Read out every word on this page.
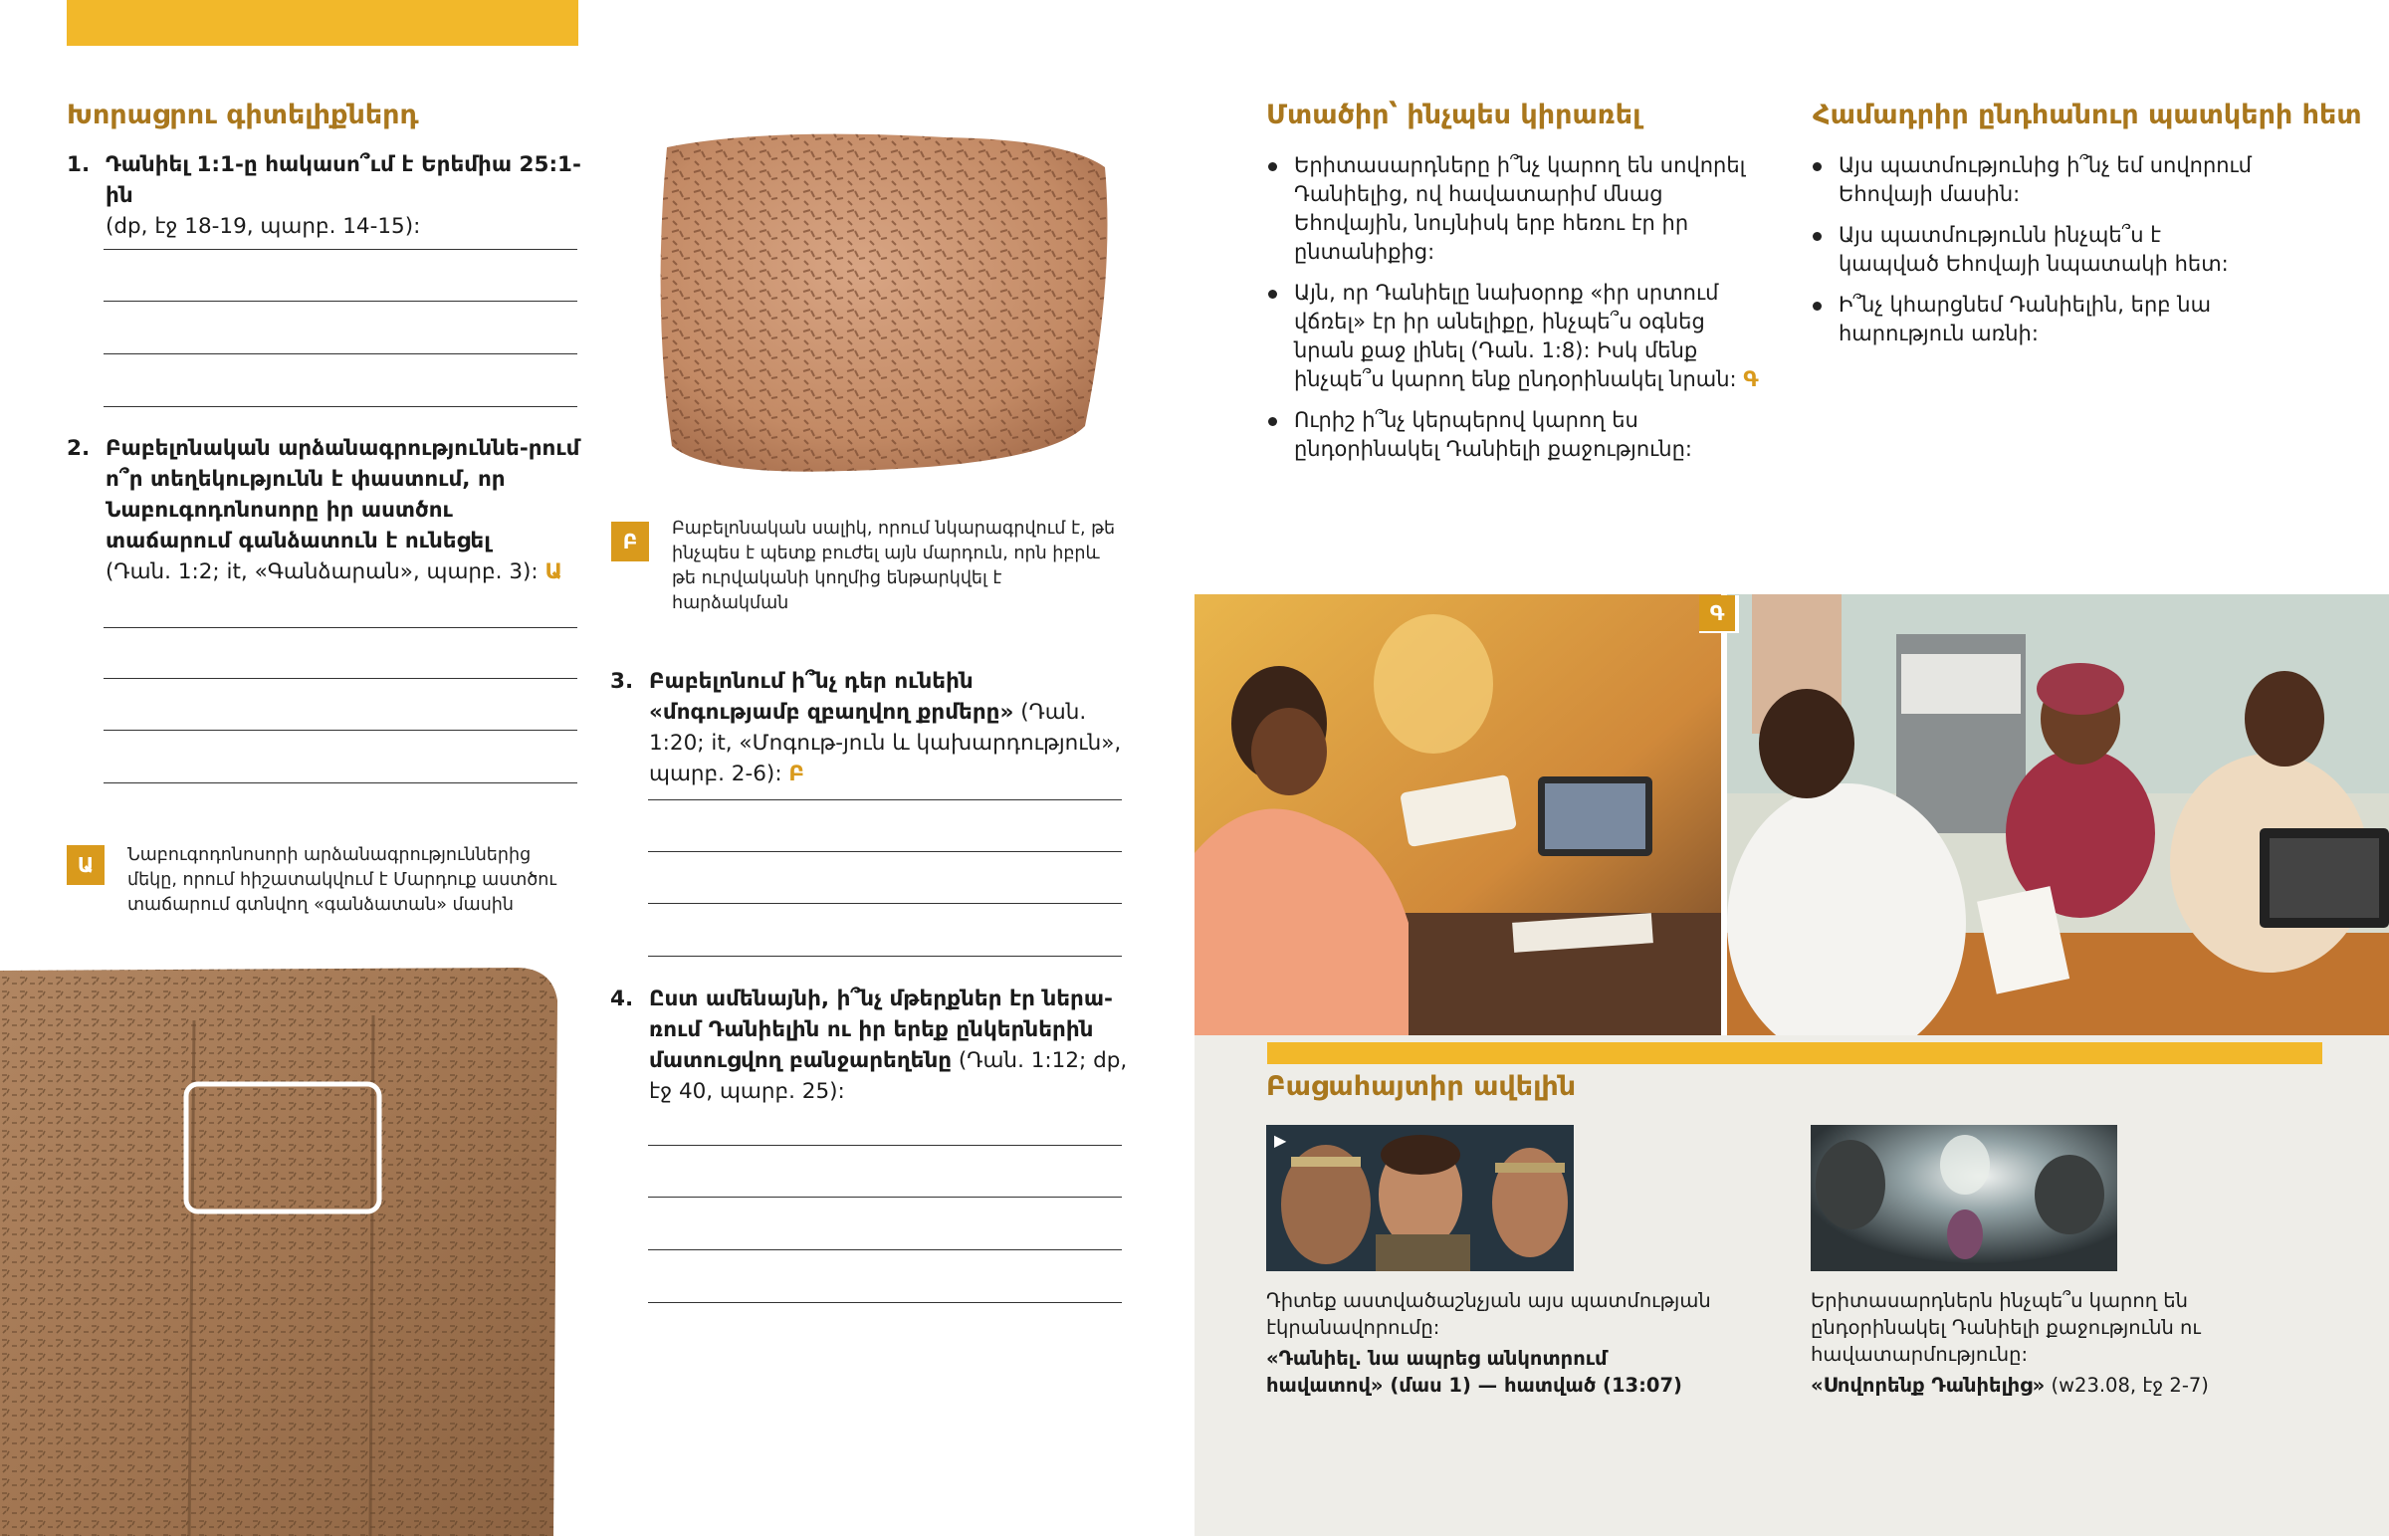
Խորացրու գիտելիքներդ
1. Դանիել 1:1-ը հակասո՞ւմ է Երեմիա 25:1-ին
(dp, էջ 18-19, պարբ. 14-15):
2. Բաբելոնական արձանագրություննե-րում ո՞ր տեղեկությունն է փաստում, որ Նաբուգոդոնոսորը իր աստծու տաճարում գանձատուն է ունեցել
(Դան. 1:2; it, «Գանձարան», պարբ. 3): Ա
Ա	Նաբուգոդոնոսորի արձանագրություններից մեկը, որում հիշատակվում է Մարդուք աստծու տաճարում գտնվող «գանձատան» մասին
Բ
Բաբելոնական սալիկ, որում նկարագրվում է, թե ինչպես է պետք բուժել այն մարդուն, որն իբրև թե ուրվականի կողմից ենթարկվել է հարձակման
3. Բաբելոնում ի՞նչ դեր ունեին «մոգությամբ զբաղվող քրմերը» (Դան. 1:20; it, «Մոգութ-յուն և կախարդություն», պարբ. 2-6): Բ
4. Ըստ ամենայնի, ի՞նչ մթերքներ էր ներա-ռում Դանիելին ու իր երեք ընկերներին մատուցվող բանջարեղենը (Դան. 1:12; dp, էջ 40, պարբ. 25):
Մտածիր՝ ինչպես կիրառել
Երիտասարդները ի՞նչ կարող են սովորել Դանիելից, ով հավատարիմ մնաց Եհովային, նույնիսկ երբ հեռու էր իր ընտանիքից:
Այն, որ Դանիելը նախօրոք «իր սրտում վճռել» էր իր անելիքը, ինչպե՞ս օգնեց նրան քաջ լինել (Դան. 1:8): Իսկ մենք ինչպե՞ս կարող ենք ընդօրինակել նրան: Գ
Ուրիշ ի՞նչ կերպերով կարող ես ընդօրինակել Դանիելի քաջությունը:
Համադրիր ընդհանուր պատկերի հետ
Այս պատմությունից ի՞նչ եմ սովորում Եհովայի մասին:
Այս պատմությունն ինչպե՞ս է կապված Եհովայի նպատակի հետ:
Ի՞նչ կհարցնեմ Դանիելին, երբ նա հարություն առնի:
Գ
Բացահայտիր ավելին
▶
Դիտեք աստվածաշնչյան այս պատմության էկրանավորումը:
«Դանիել. նա ապրեց անկոտրում հավատով» (մաս 1) — հատված (13:07)
Երիտասարդներն ինչպե՞ս կարող են ընդօրինակել Դանիելի քաջությունն ու հավատարմությունը:
«Սովորենք Դանիելից» (w23.08, էջ 2-7)
